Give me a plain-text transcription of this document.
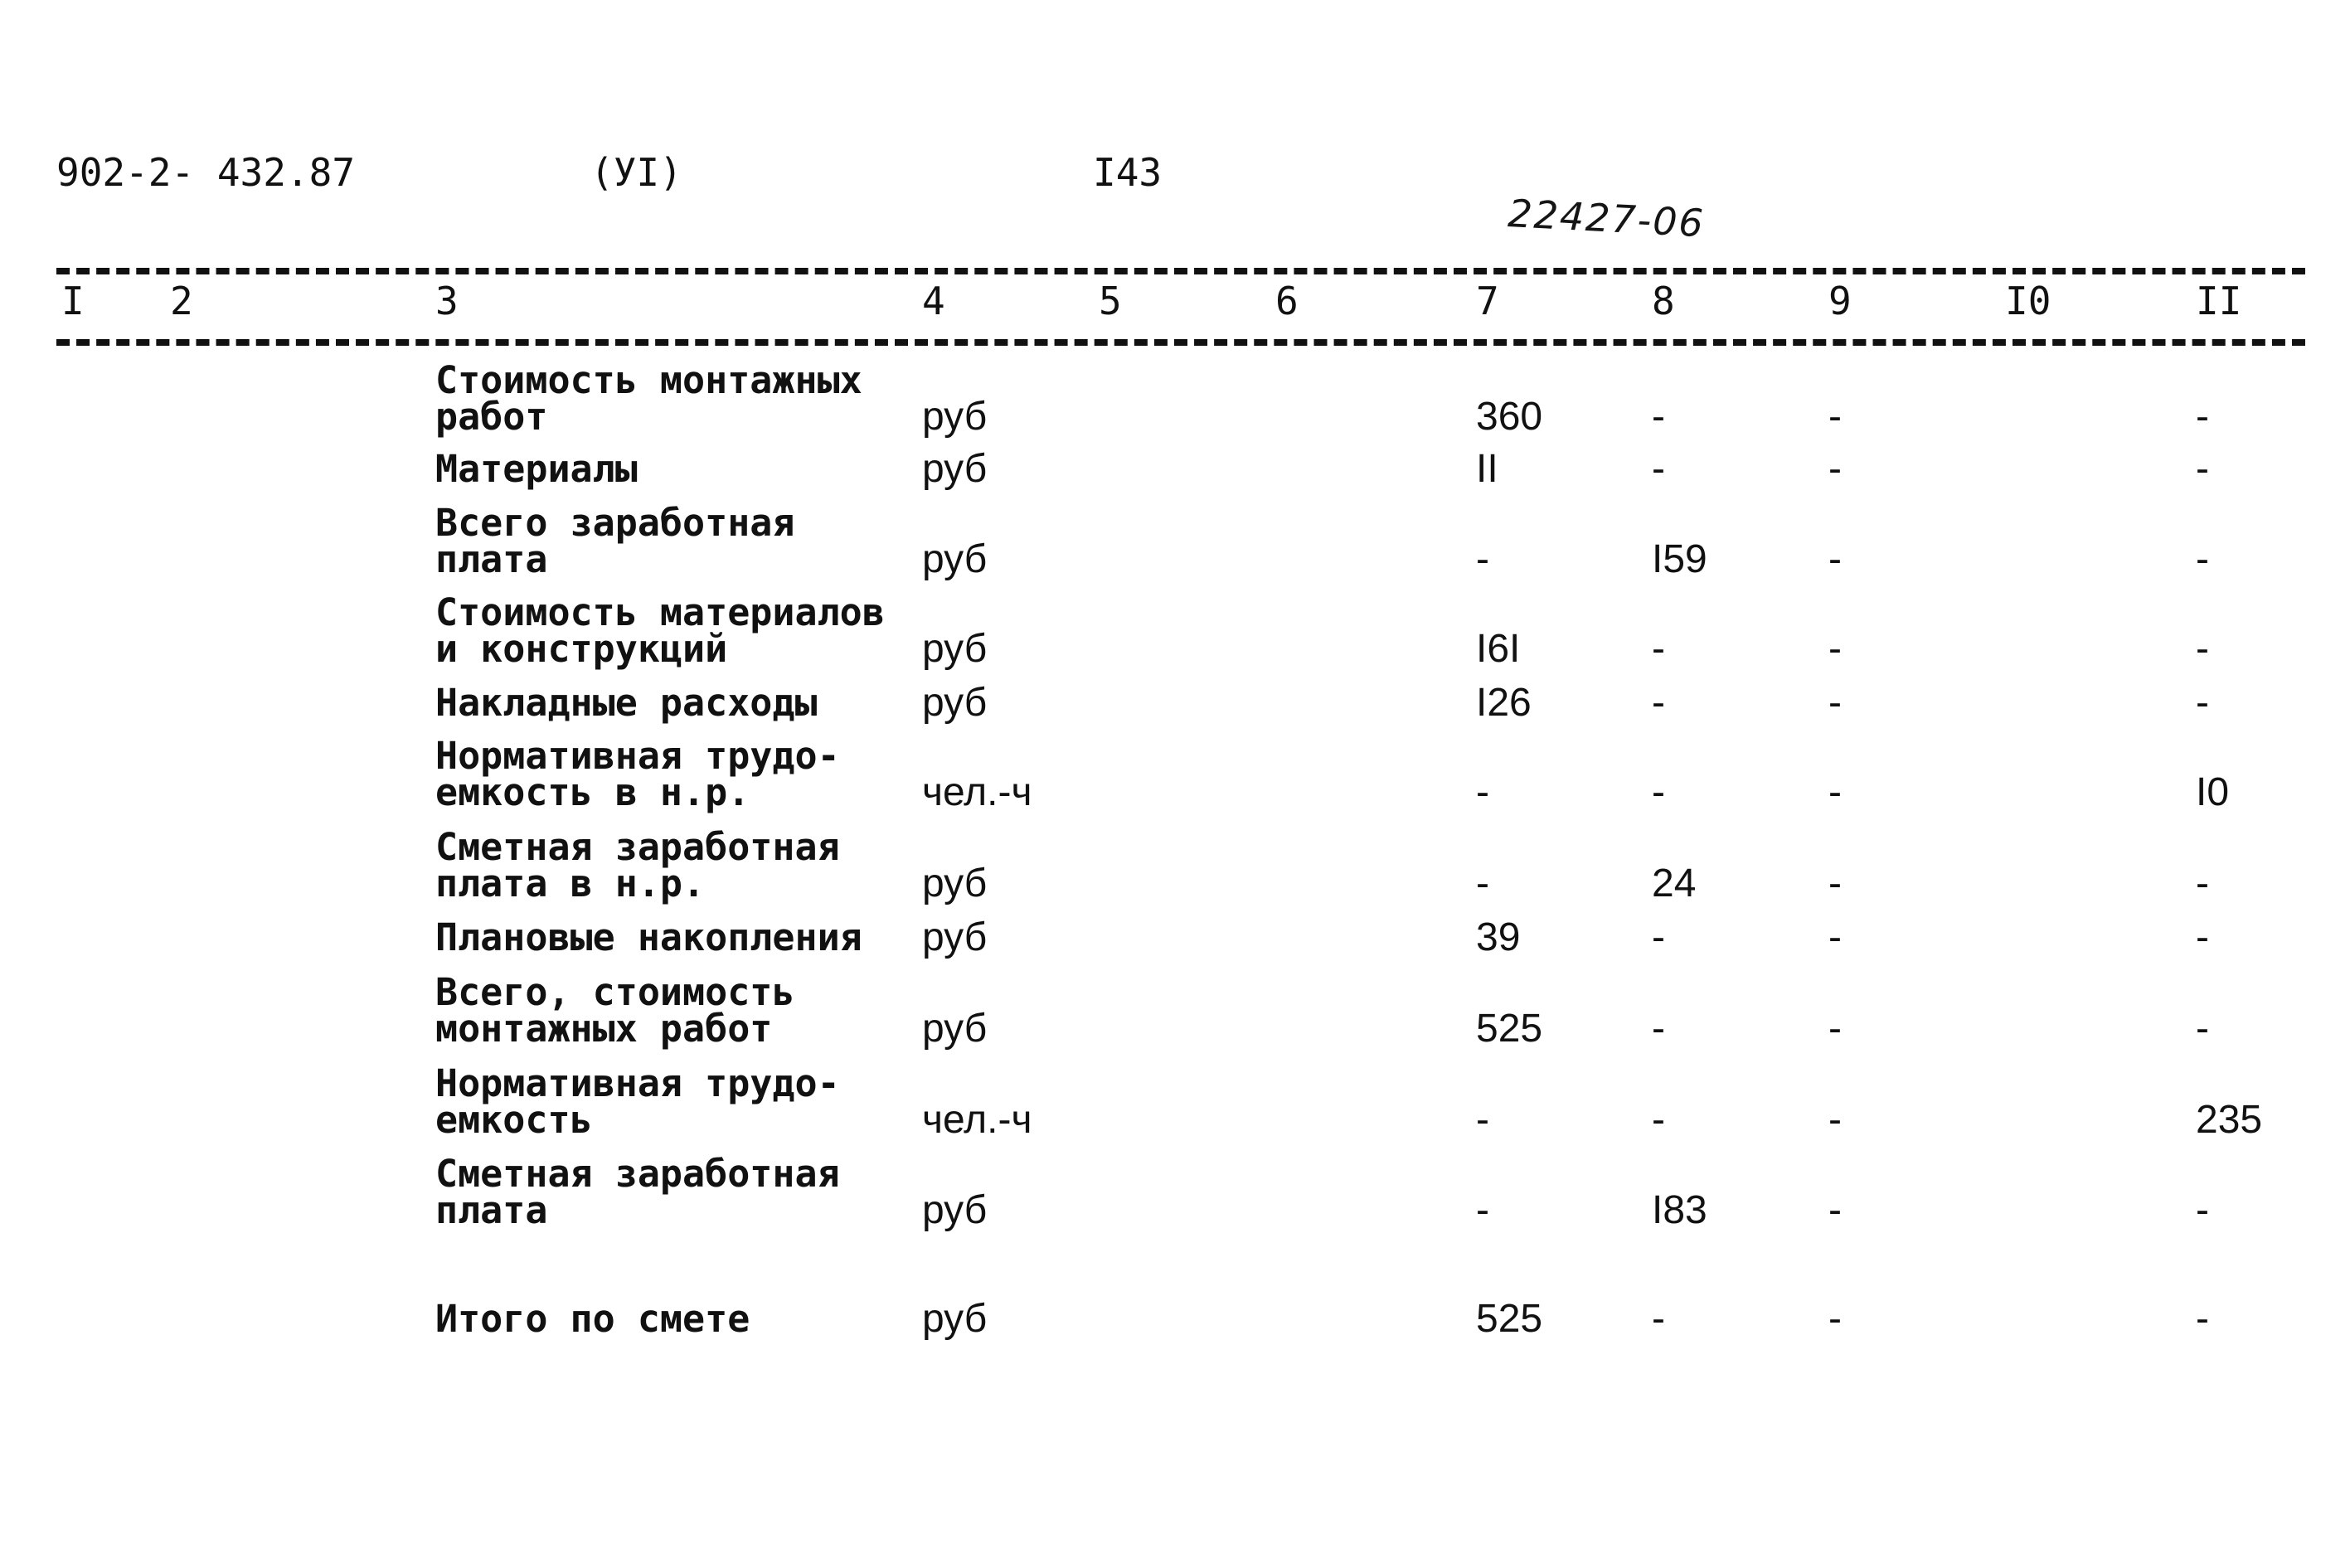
902-2- 432.87	(УI)	I43
22427-06
I 2	3	4	5	6	7	8	9	I0	II
Стоимость монтажных
работ	руб	360	-	-	-
Материалы	руб	II	-	-	-
Всего заработная
плата	руб	-	I59	-	-
Стоимость материалов
и конструкций	руб	I6I	-	-	-
Накладные расходы	руб	I26	-	-	-
Нормативная трудо-
емкость в н.р.	чел.-ч	-	-	-	I0
Сметная заработная
плата в н.р.	руб	-	24	-	-
Плановые накопления руб	39	-	-	-
Всего, стоимость
монтажных работ	руб	525	-	-	-
Нормативная трудо-
емкость	чел.-ч	-	-	-	235
Сметная заработная
плата	руб	-	I83	-	-
Итого по смете	руб	525	-	-	-
